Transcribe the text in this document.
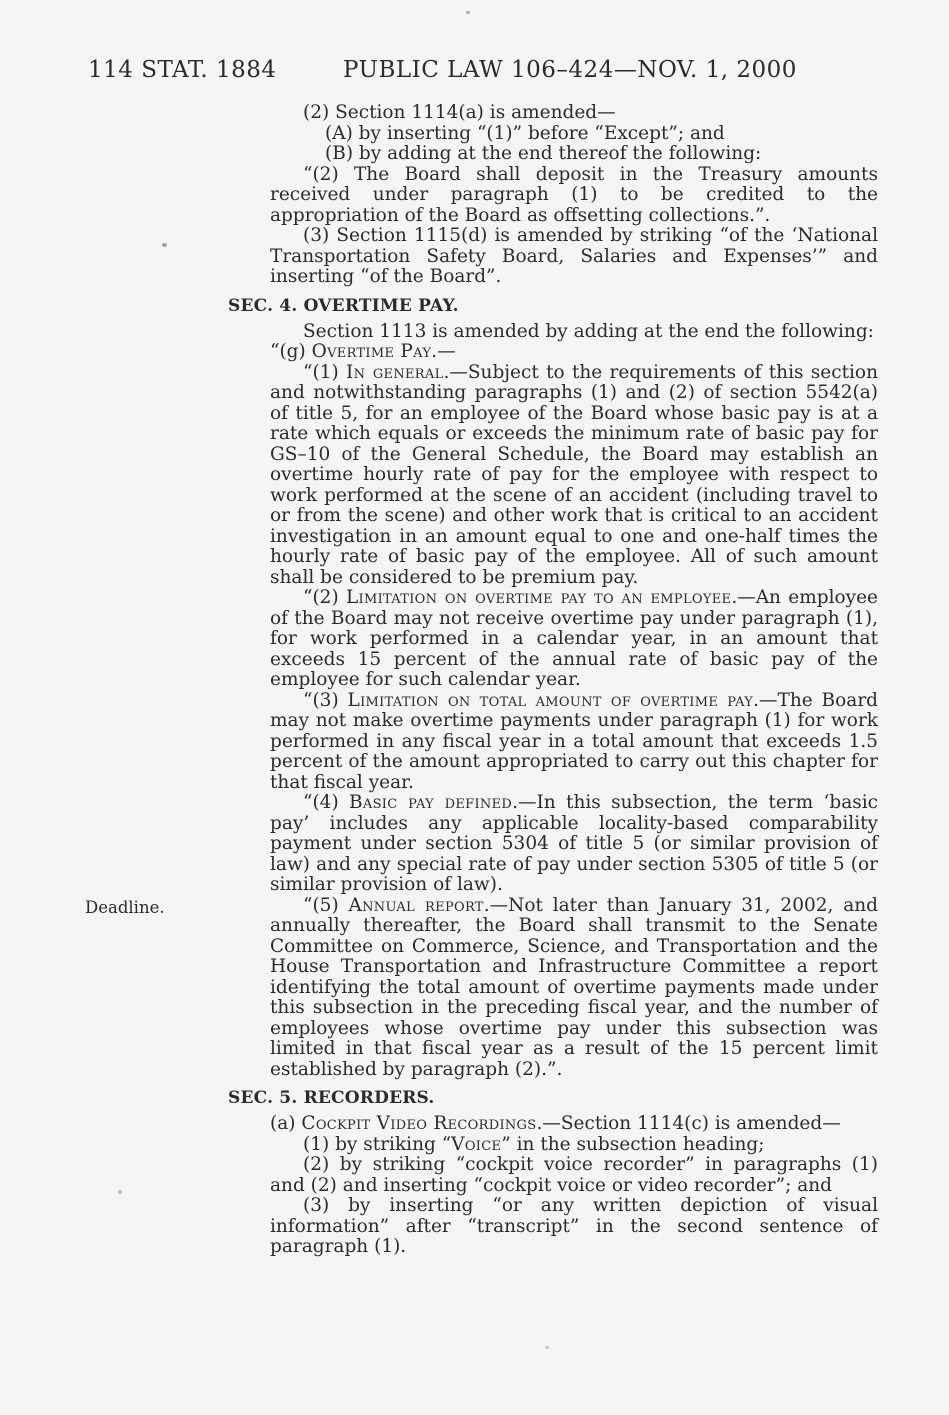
114 STAT. 1884	PUBLIC LAW 106–424—NOV. 1, 2000

(2) Section 1114(a) is amended—

(A) by inserting “(1)” before “Except”; and

(B) by adding at the end thereof the following:

“(2) The Board shall deposit in the Treasury amounts received under paragraph (1) to be credited to the appropriation of the Board as offsetting collections.”.

(3) Section 1115(d) is amended by striking “of the ‘National Transportation Safety Board, Salaries and Expenses’” and inserting “of the Board”.

SEC. 4. OVERTIME PAY.

Section 1113 is amended by adding at the end the following:

“(g) Overtime Pay.—

“(1) In general.—Subject to the requirements of this section and notwithstanding paragraphs (1) and (2) of section 5542(a) of title 5, for an employee of the Board whose basic pay is at a rate which equals or exceeds the minimum rate of basic pay for GS–10 of the General Schedule, the Board may establish an overtime hourly rate of pay for the employee with respect to work performed at the scene of an accident (including travel to or from the scene) and other work that is critical to an accident investigation in an amount equal to one and one-half times the hourly rate of basic pay of the employee. All of such amount shall be considered to be premium pay.

“(2) Limitation on overtime pay to an employee.—An employee of the Board may not receive overtime pay under paragraph (1), for work performed in a calendar year, in an amount that exceeds 15 percent of the annual rate of basic pay of the employee for such calendar year.

“(3) Limitation on total amount of overtime pay.—The Board may not make overtime payments under paragraph (1) for work performed in any fiscal year in a total amount that exceeds 1.5 percent of the amount appropriated to carry out this chapter for that fiscal year.

“(4) Basic pay defined.—In this subsection, the term ‘basic pay’ includes any applicable locality-based comparability payment under section 5304 of title 5 (or similar provision of law) and any special rate of pay under section 5305 of title 5 (or similar provision of law).

“(5) Annual report.—Not later than January 31, 2002, and annually thereafter, the Board shall transmit to the Senate Committee on Commerce, Science, and Transportation and the House Transportation and Infrastructure Committee a report identifying the total amount of overtime payments made under this subsection in the preceding fiscal year, and the number of employees whose overtime pay under this subsection was limited in that fiscal year as a result of the 15 percent limit established by paragraph (2).”.
Deadline.

SEC. 5. RECORDERS.

(a) Cockpit Video Recordings.—Section 1114(c) is amended—

(1) by striking “Voice” in the subsection heading;

(2) by striking “cockpit voice recorder” in paragraphs (1) and (2) and inserting “cockpit voice or video recorder”; and

(3) by inserting “or any written depiction of visual information” after “transcript” in the second sentence of paragraph (1).
